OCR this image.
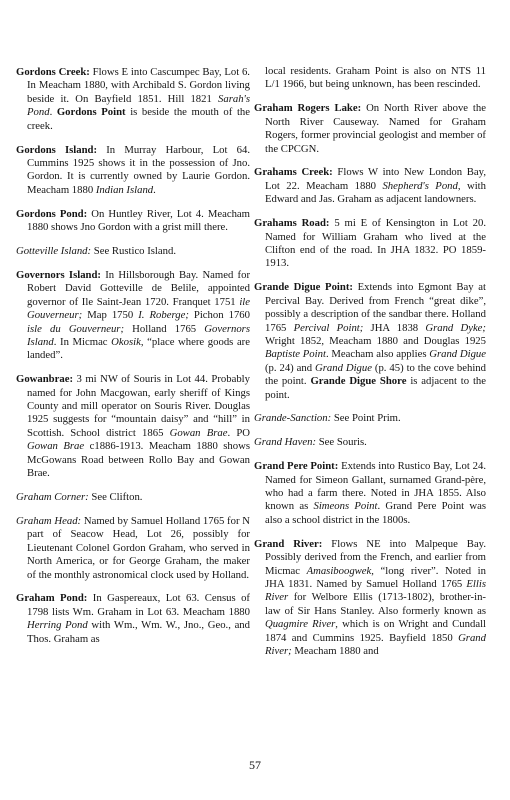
Gordons Creek: Flows E into Cascumpec Bay, Lot 6. In Meacham 1880, with Archibald S. Gordon living beside it. On Bayfield 1851. Hill 1821 Sarah's Pond. Gordons Point is beside the mouth of the creek.

Gordons Island: In Murray Harbour, Lot 64. Cummins 1925 shows it in the possession of Jno. Gordon. It is currently owned by Laurie Gordon. Meacham 1880 Indian Island.

Gordons Pond: On Huntley River, Lot 4. Meacham 1880 shows Jno Gordon with a grist mill there.

Gotteville Island: See Rustico Island.

Governors Island: In Hillsborough Bay. Named for Robert David Gotteville de Belile, appointed governor of Ile Saint-Jean 1720. Franquet 1751 ile Gouverneur; Map 1750 I. Roberge; Pichon 1760 isle du Gouverneur; Holland 1765 Governors Island. In Micmac Okosik, “place where goods are landed”.

Gowanbrae: 3 mi NW of Souris in Lot 44. Probably named for John Macgowan, early sheriff of Kings County and mill operator on Souris River. Douglas 1925 suggests for “mountain daisy” and “hill” in Scottish. School district 1865 Gowan Brae. PO Gowan Brae c1886-1913. Meacham 1880 shows McGowans Road between Rollo Bay and Gowan Brae.

Graham Corner: See Clifton.

Graham Head: Named by Samuel Holland 1765 for N part of Seacow Head, Lot 26, possibly for Lieutenant Colonel Gordon Graham, who served in North America, or for George Graham, the maker of the monthly astronomical clock used by Holland.

Graham Pond: In Gaspereaux, Lot 63. Census of 1798 lists Wm. Graham in Lot 63. Meacham 1880 Herring Pond with Wm., Wm. W., Jno., Geo., and Thos. Graham as

local residents. Graham Point is also on NTS 11 L/1 1966, but being unknown, has been rescinded.

Graham Rogers Lake: On North River above the North River Causeway. Named for Graham Rogers, former provincial geologist and member of the CPCGN.

Grahams Creek: Flows W into New London Bay, Lot 22. Meacham 1880 Shepherd's Pond, with Edward and Jas. Graham as adjacent landowners.

Grahams Road: 5 mi E of Kensington in Lot 20. Named for William Graham who lived at the Clifton end of the road. In JHA 1832. PO 1859-1913.

Grande Digue Point: Extends into Egmont Bay at Percival Bay. Derived from French “great dike”, possibly a description of the sandbar there. Holland 1765 Percival Point; JHA 1838 Grand Dyke; Wright 1852, Meacham 1880 and Douglas 1925 Baptiste Point. Meacham also applies Grand Digue (p. 24) and Grand Digue (p. 45) to the cove behind the point. Grande Digue Shore is adjacent to the point.

Grande-Sanction: See Point Prim.

Grand Haven: See Souris.

Grand Pere Point: Extends into Rustico Bay, Lot 24. Named for Simeon Gallant, surnamed Grand-père, who had a farm there. Noted in JHA 1855. Also known as Simeons Point. Grand Pere Point was also a school district in the 1800s.

Grand River: Flows NE into Malpeque Bay. Possibly derived from the French, and earlier from Micmac Amasiboogwek, “long river”. Noted in JHA 1831. Named by Samuel Holland 1765 Ellis River for Welbore Ellis (1713-1802), brother-in-law of Sir Hans Stanley. Also formerly known as Quagmire River, which is on Wright and Cundall 1874 and Cummins 1925. Bayfield 1850 Grand River; Meacham 1880 and

57
